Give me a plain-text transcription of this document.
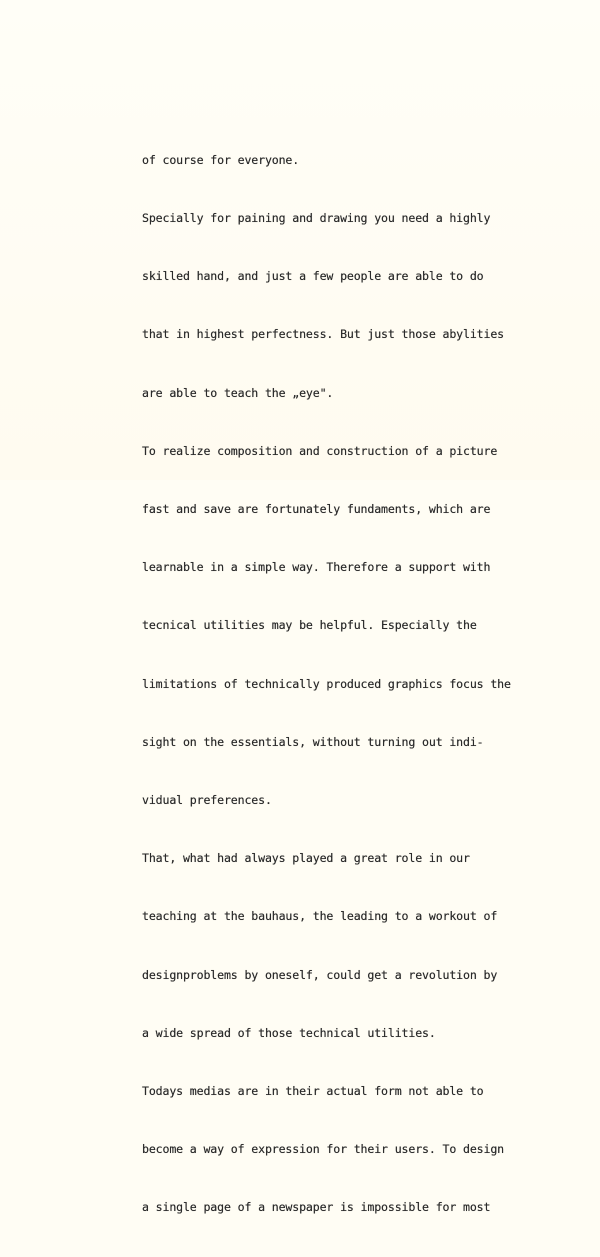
of course for everyone.

Specially for paining and drawing you need a highly

skilled hand, and just a few people are able to do

that in highest perfectness. But just those abylities

are able to teach the „eye".

To realize composition and construction of a picture

fast and save are fortunately fundaments, which are

learnable in a simple way. Therefore a support with

tecnical utilities may be helpful. Especially the

limitations of technically produced graphics focus the

sight on the essentials, without turning out indi-

vidual preferences.

That, what had always played a great role in our

teaching at the bauhaus, the leading to a workout of

designproblems by oneself, could get a revolution by

a wide spread of those technical utilities.

Todays medias are in their actual form not able to

become a way of expression for their users. To design

a single page of a newspaper is impossible for most
